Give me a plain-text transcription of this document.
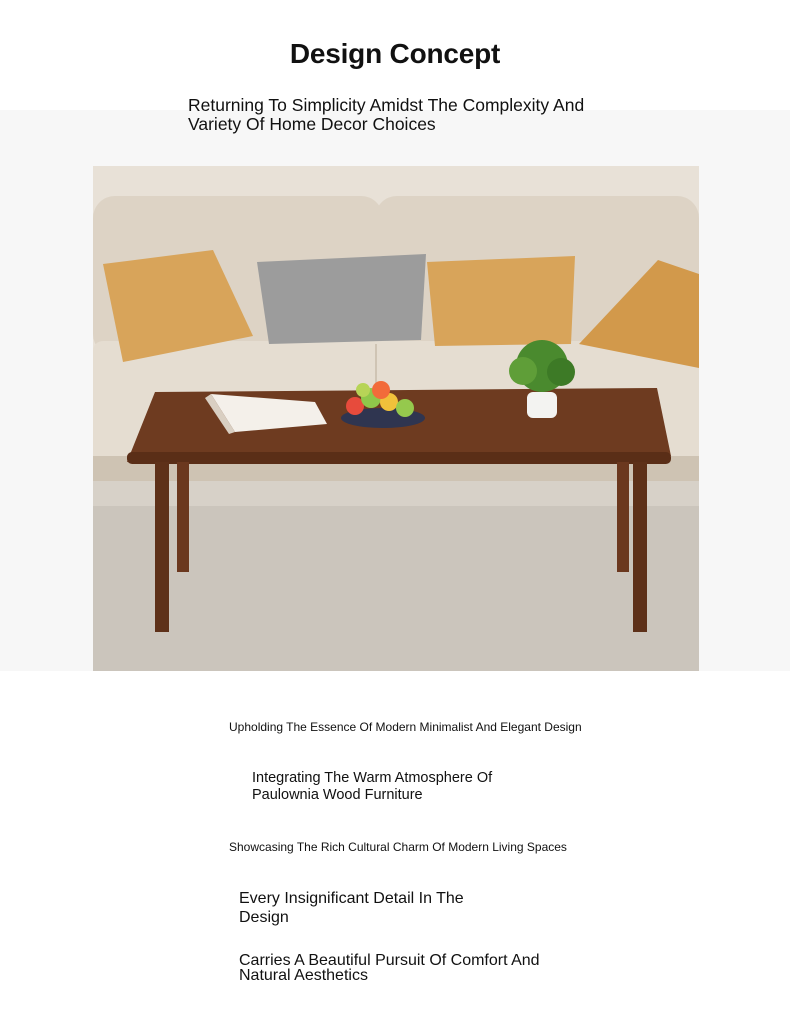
Design Concept

Returning To Simplicity Amidst The Complexity And Variety Of Home Decor Choices

Upholding The Essence Of Modern Minimalist And Elegant Design

Integrating The Warm Atmosphere Of Paulownia Wood Furniture

Showcasing The Rich Cultural Charm Of Modern Living Spaces

Every Insignificant Detail In The Design

Carries A Beautiful Pursuit Of Comfort And Natural Aesthetics
